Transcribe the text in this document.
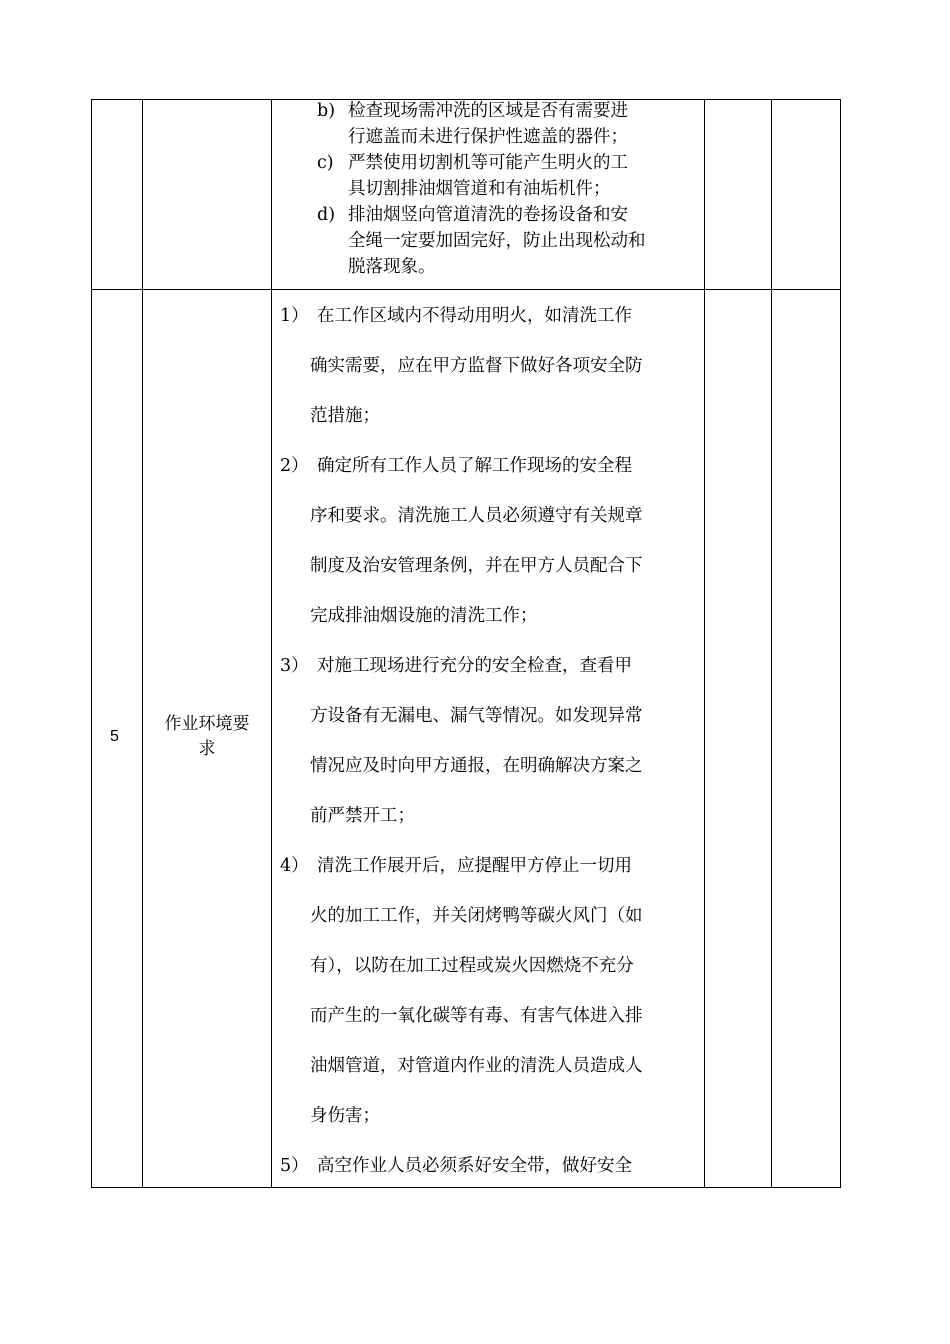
b) 检查现场需冲洗的区域是否有需要进
行遮盖而未进行保护性遮盖的器件；
c) 严禁使用切割机等可能产生明火的工
具切割排油烟管道和有油垢机件；
d) 排油烟竖向管道清洗的卷扬设备和安
全绳一定要加固完好，防止出现松动和
脱落现象。
5
作业环境要
求
1） 在工作区域内不得动用明火，如清洗工作
确实需要，应在甲方监督下做好各项安全防
范措施；
2） 确定所有工作人员了解工作现场的安全程
序和要求。清洗施工人员必须遵守有关规章
制度及治安管理条例，并在甲方人员配合下
完成排油烟设施的清洗工作；
3） 对施工现场进行充分的安全检查，查看甲
方设备有无漏电、漏气等情况。如发现异常
情况应及时向甲方通报，在明确解决方案之
前严禁开工；
4） 清洗工作展开后，应提醒甲方停止一切用
火的加工工作，并关闭烤鸭等碳火风门（如
有），以防在加工过程或炭火因燃烧不充分
而产生的一氧化碳等有毒、有害气体进入排
油烟管道，对管道内作业的清洗人员造成人
身伤害；
5） 高空作业人员必须系好安全带，做好安全
